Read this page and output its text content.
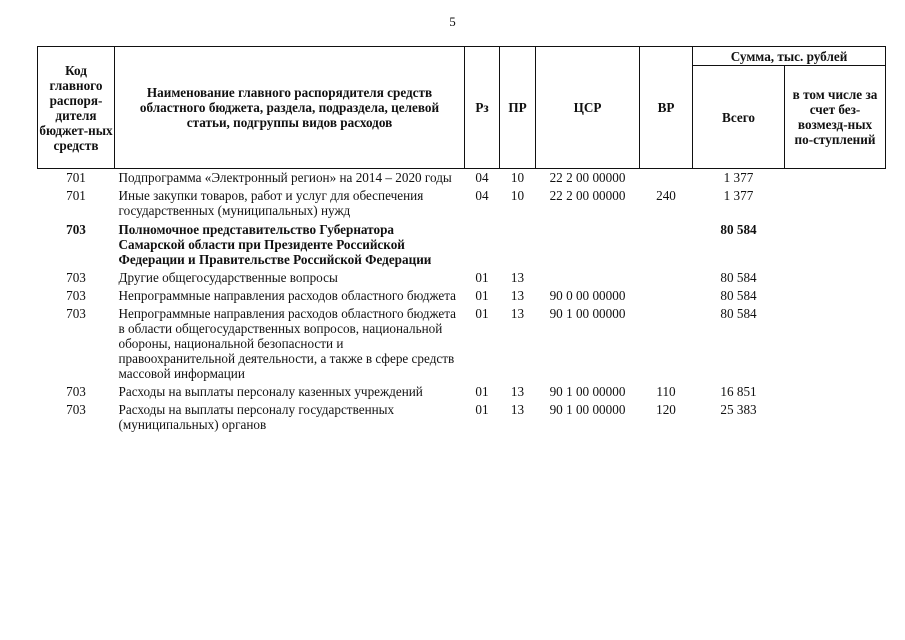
5
Код главного распоря-дителя бюджет-ных средств	Наименование главного распорядителя средств областного бюджета, раздела, подраздела, целевой статьи, подгруппы видов расходов	Рз	ПР	ЦСР	ВР	Сумма, тыс. рублей	
						Всего	в том числе за счет без-возмезд-ных по-ступлений
701	Подпрограмма «Электронный регион» на 2014 – 2020 годы	04	10	22 2 00 00000		1 377	
701	Иные закупки товаров, работ и услуг для обеспечения государственных (муниципальных) нужд	04	10	22 2 00 00000	240	1 377	
703	Полномочное представительство Губернатора Самарской области при Президенте Российской Федерации и Правительстве Российской Федерации					80 584	
703	Другие общегосударственные вопросы	01	13			80 584	
703	Непрограммные направления расходов областного бюджета	01	13	90 0 00 00000		80 584	
703	Непрограммные направления расходов областного бюджета в области общегосударственных вопросов, национальной обороны, национальной безопасности и правоохранительной деятельности, а также в сфере средств массовой информации	01	13	90 1 00 00000		80 584	
703	Расходы на выплаты персоналу казенных учреждений	01	13	90 1 00 00000	110	16 851	
703	Расходы на выплаты персоналу государственных (муниципальных) органов	01	13	90 1 00 00000	120	25 383	
